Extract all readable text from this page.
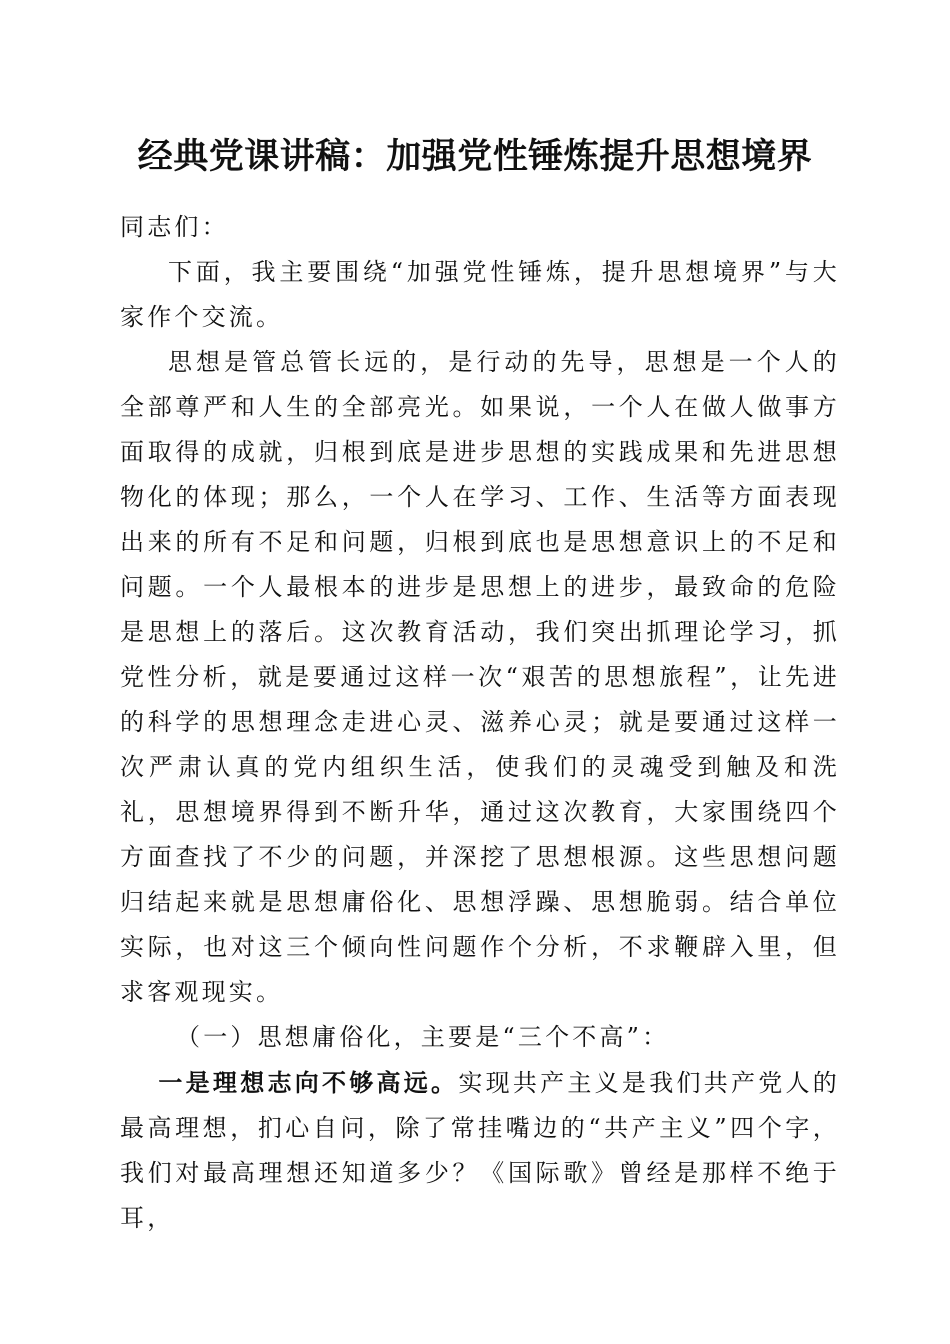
经典党课讲稿：加强党性锤炼提升思想境界

同志们：

下面，我主要围绕“加强党性锤炼，提升思想境界”与大家作个交流。

思想是管总管长远的，是行动的先导，思想是一个人的全部尊严和人生的全部亮光。如果说，一个人在做人做事方面取得的成就，归根到底是进步思想的实践成果和先进思想物化的体现；那么，一个人在学习、工作、生活等方面表现出来的所有不足和问题，归根到底也是思想意识上的不足和问题。一个人最根本的进步是思想上的进步，最致命的危险是思想上的落后。这次教育活动，我们突出抓理论学习，抓党性分析，就是要通过这样一次“艰苦的思想旅程”，让先进的科学的思想理念走进心灵、滋养心灵；就是要通过这样一次严肃认真的党内组织生活，使我们的灵魂受到触及和洗礼，思想境界得到不断升华，通过这次教育，大家围绕四个方面查找了不少的问题，并深挖了思想根源。这些思想问题归结起来就是思想庸俗化、思想浮躁、思想脆弱。结合单位实际，也对这三个倾向性问题作个分析，不求鞭辟入里，但求客观现实。

（一）思想庸俗化，主要是“三个不高”：

一是理想志向不够高远。实现共产主义是我们共产党人的最高理想，扪心自问，除了常挂嘴边的“共产主义”四个字，我们对最高理想还知道多少？《国际歌》曾经是那样不绝于耳，
